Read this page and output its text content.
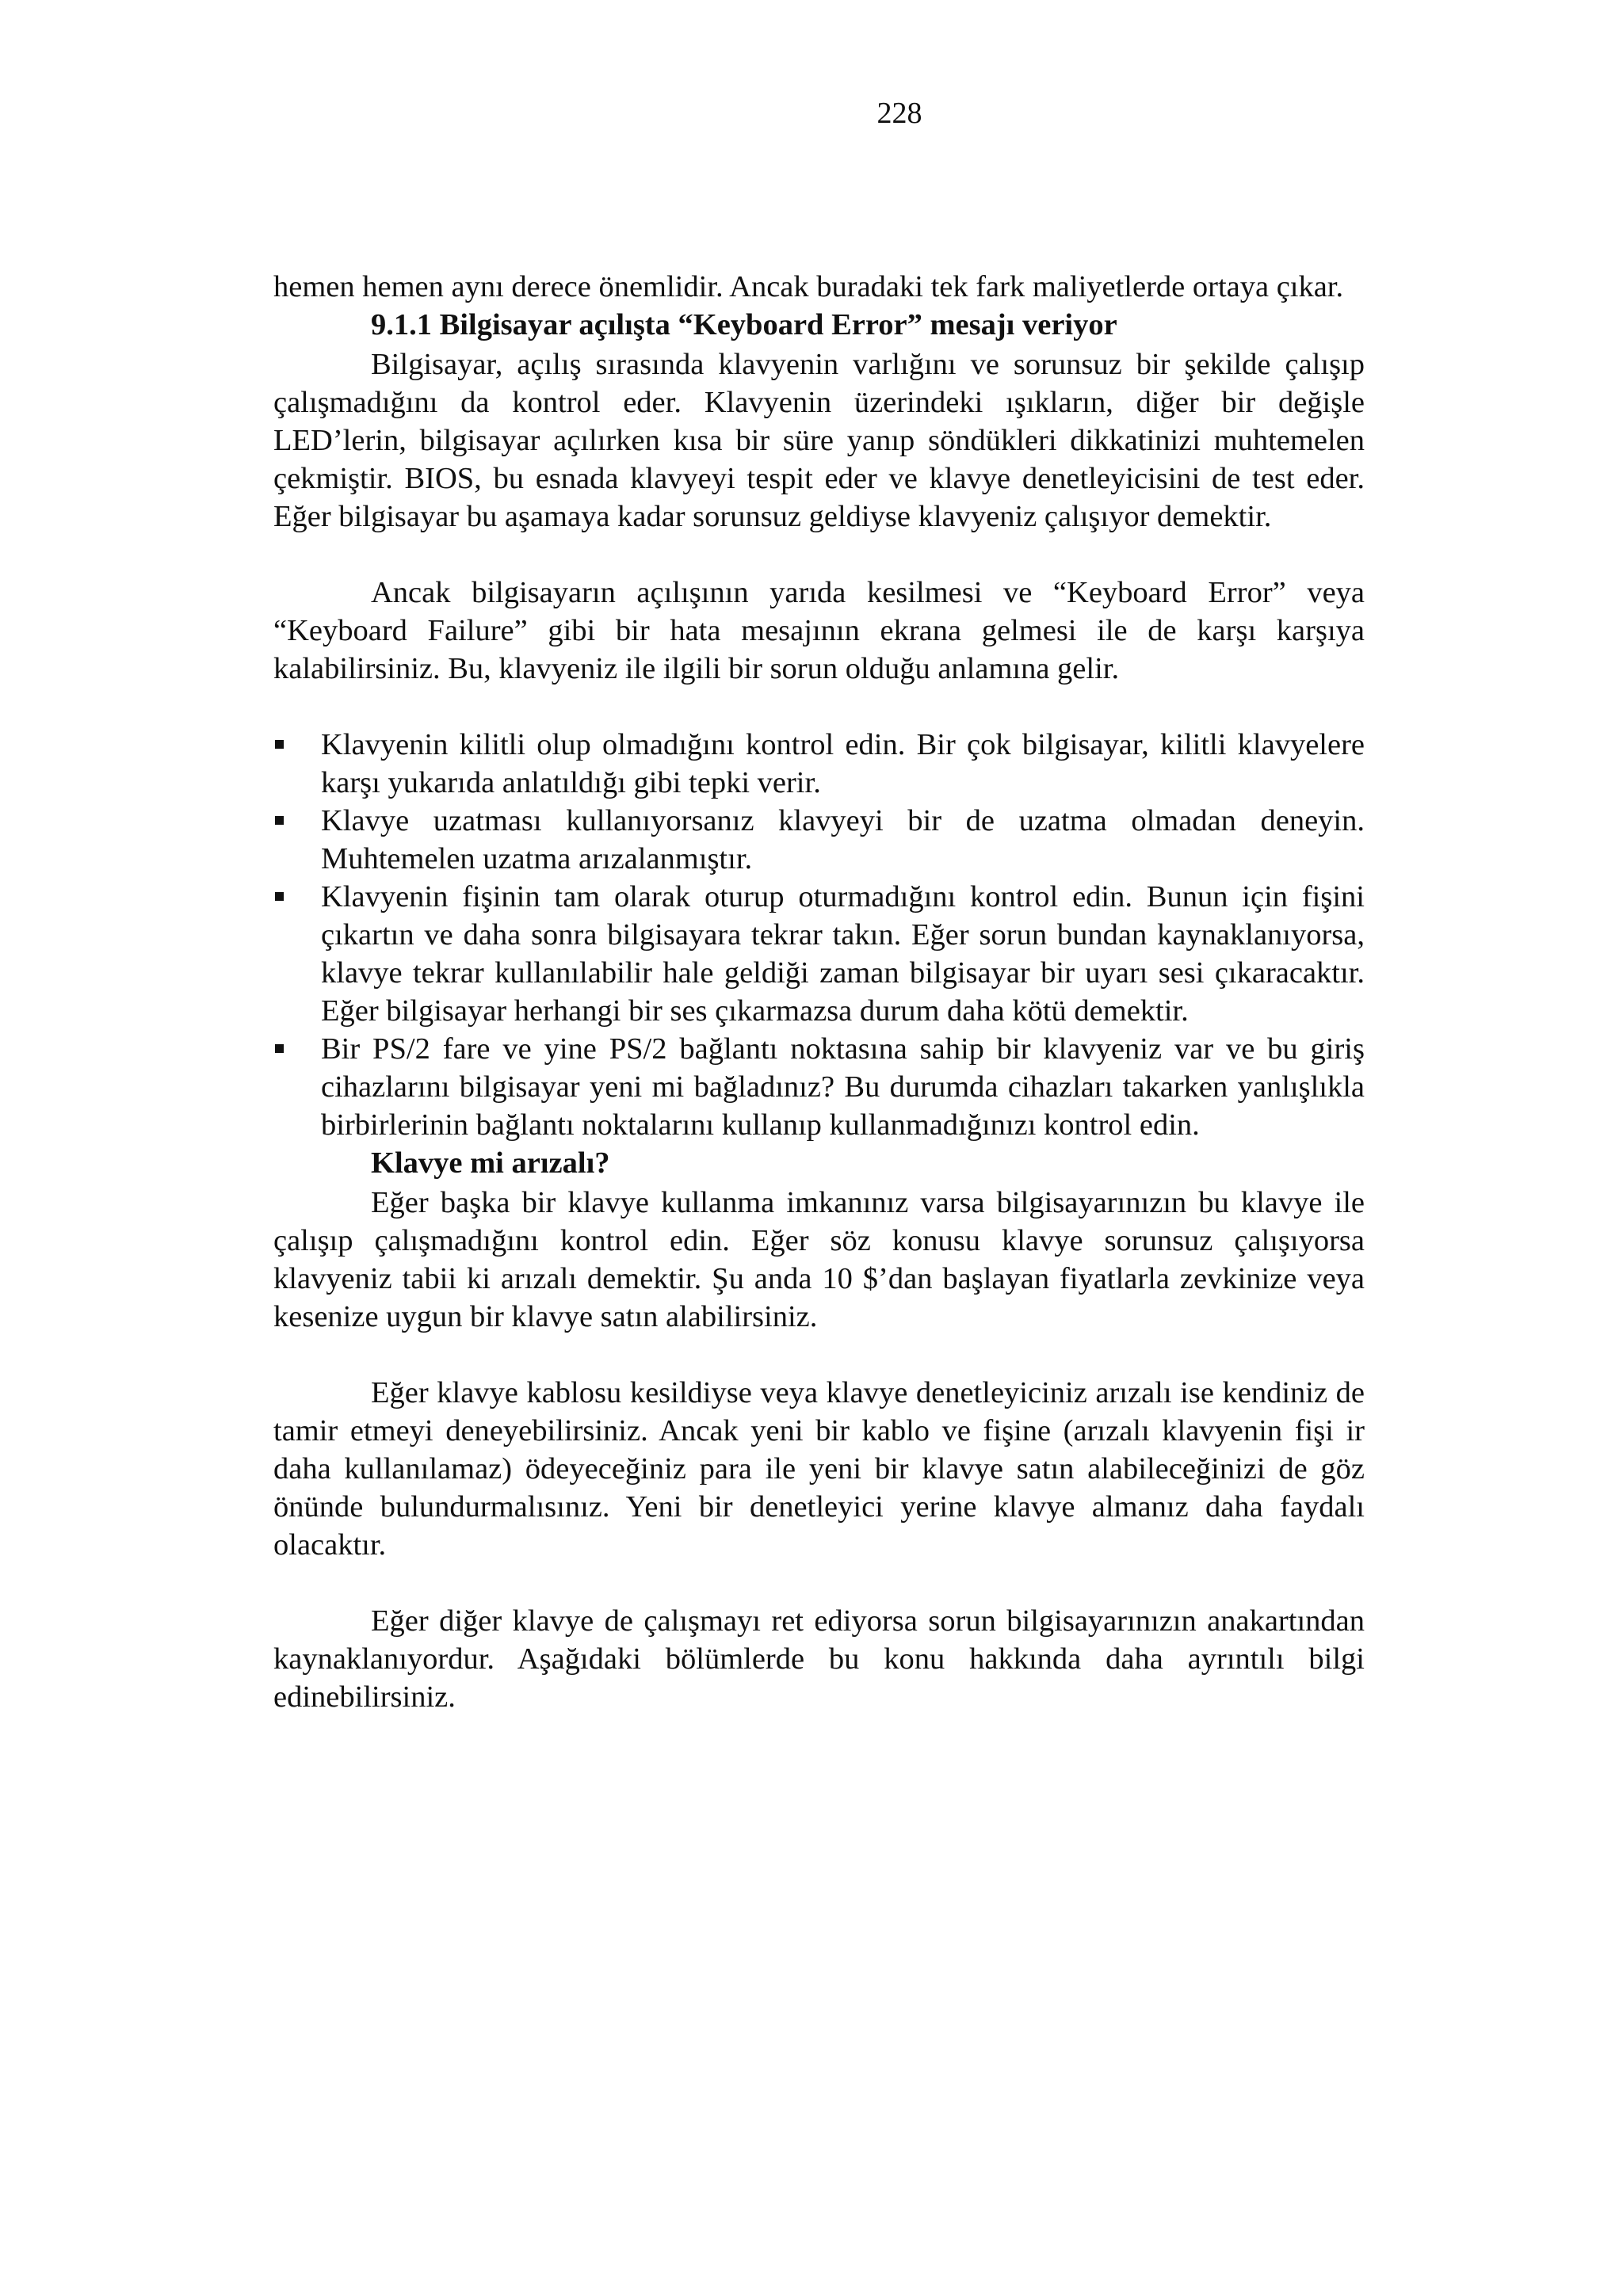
228

hemen hemen aynı derece önemlidir. Ancak buradaki tek fark maliyetlerde ortaya çıkar.

9.1.1 Bilgisayar açılışta “Keyboard Error” mesajı veriyor

Bilgisayar, açılış sırasında klavyenin varlığını ve sorunsuz bir şekilde çalışıp çalışmadığını da kontrol eder. Klavyenin üzerindeki ışıkların, diğer bir değişle LED’lerin, bilgisayar açılırken kısa bir süre yanıp söndükleri dikkatinizi muhtemelen çekmiştir. BIOS, bu esnada klavyeyi tespit eder ve klavye denetleyicisini de test eder. Eğer bilgisayar bu aşamaya kadar sorunsuz geldiyse klavyeniz çalışıyor demektir.

Ancak bilgisayarın açılışının yarıda kesilmesi ve “Keyboard Error” veya “Keyboard Failure” gibi bir hata mesajının ekrana gelmesi ile de karşı karşıya kalabilirsiniz. Bu, klavyeniz ile ilgili bir sorun olduğu anlamına gelir.

Klavyenin kilitli olup olmadığını kontrol edin. Bir çok bilgisayar, kilitli klavyelere karşı yukarıda anlatıldığı gibi tepki verir.
Klavye uzatması kullanıyorsanız klavyeyi bir de uzatma olmadan deneyin. Muhtemelen uzatma arızalanmıştır.
Klavyenin fişinin tam olarak oturup oturmadığını kontrol edin. Bunun için fişini çıkartın ve daha sonra bilgisayara tekrar takın. Eğer sorun bundan kaynaklanıyorsa, klavye tekrar kullanılabilir hale geldiği zaman bilgisayar bir uyarı sesi çıkaracaktır. Eğer bilgisayar herhangi bir ses çıkarmazsa durum daha kötü demektir.
Bir PS/2 fare ve yine PS/2 bağlantı noktasına sahip bir klavyeniz var ve bu giriş cihazlarını bilgisayar yeni mi bağladınız? Bu durumda cihazları takarken yanlışlıkla birbirlerinin bağlantı noktalarını kullanıp kullanmadığınızı kontrol edin.

Klavye mi arızalı?

Eğer başka bir klavye kullanma imkanınız varsa bilgisayarınızın bu klavye ile çalışıp çalışmadığını kontrol edin. Eğer söz konusu klavye sorunsuz çalışıyorsa klavyeniz tabii ki arızalı demektir. Şu anda 10 $’dan başlayan fiyatlarla zevkinize veya kesenize uygun bir klavye satın alabilirsiniz.

Eğer klavye kablosu kesildiyse veya klavye denetleyiciniz arızalı ise kendiniz de tamir etmeyi deneyebilirsiniz. Ancak yeni bir kablo ve fişine (arızalı klavyenin fişi ir daha kullanılamaz) ödeyeceğiniz para ile yeni bir klavye satın alabileceğinizi de göz önünde bulundurmalısınız. Yeni bir denetleyici yerine klavye almanız daha faydalı olacaktır.

Eğer diğer klavye de çalışmayı ret ediyorsa sorun bilgisayarınızın anakartından kaynaklanıyordur. Aşağıdaki bölümlerde bu konu hakkında daha ayrıntılı bilgi edinebilirsiniz.
